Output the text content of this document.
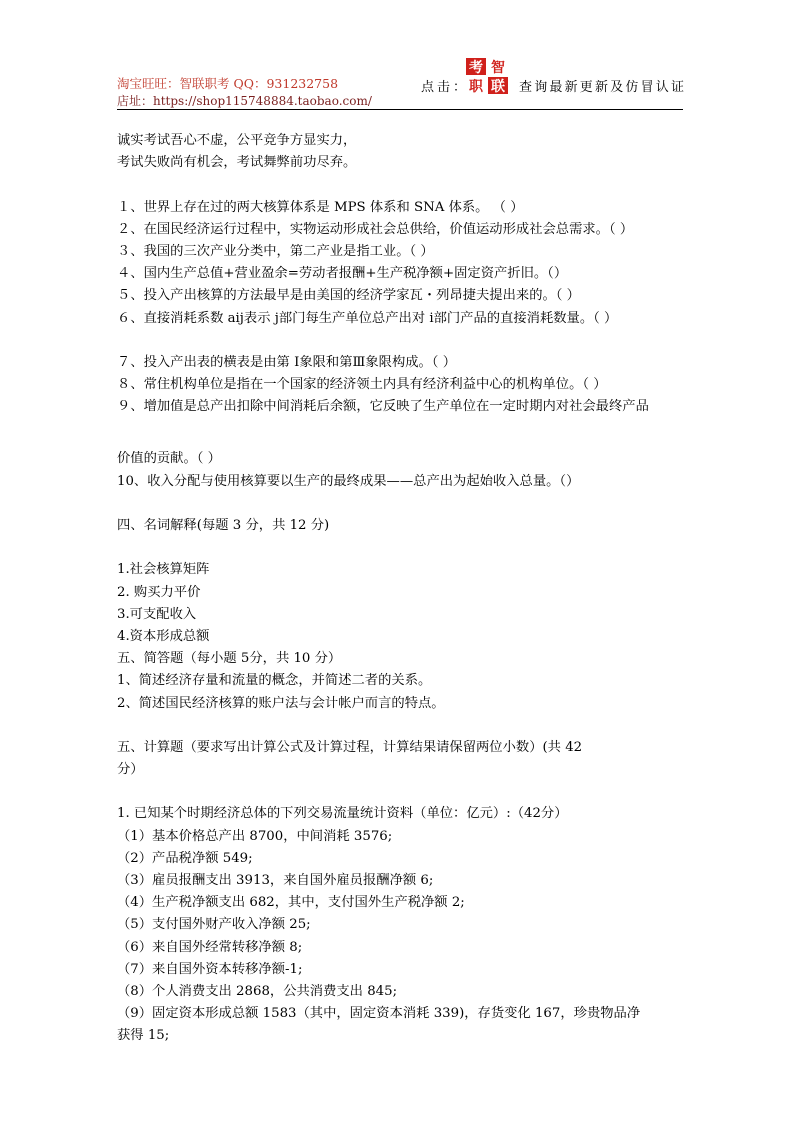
淘宝旺旺：智联职考 QQ：931232758
店址：https://shop115748884.taobao.com/
点击：
考 智
职 联 查询最新更新及仿冒认证
诚实考试吾心不虚，公平竞争方显实力，
考试失败尚有机会，考试舞弊前功尽弃。
１、世界上存在过的两大核算体系是 MPS 体系和 SNA 体系。 （ ）
２、在国民经济运行过程中，实物运动形成社会总供给，价值运动形成社会总需求。（ ）
３、我国的三次产业分类中，第二产业是指工业。（ ）
４、国内生产总值+营业盈余=劳动者报酬+生产税净额+固定资产折旧。（）
５、投入产出核算的方法最早是由美国的经济学家瓦・列昂捷夫提出来的。（ ）
６、直接消耗系数 aij表示 j部门每生产单位总产出对 i部门产品的直接消耗数量。（ ）
７、投入产出表的横表是由第 Ⅰ象限和第Ⅲ象限构成。（ ）
８、常住机构单位是指在一个国家的经济领土内具有经济利益中心的机构单位。（ ）
９、增加值是总产出扣除中间消耗后余额，它反映了生产单位在一定时期内对社会最终产品
价值的贡献。（ ）
10、收入分配与使用核算要以生产的最终成果——总产出为起始收入总量。（）
四、名词解释(每题 3 分，共 12 分)
1.社会核算矩阵
2. 购买力平价
3.可支配收入
4.资本形成总额
五、简答题（每小题 5分，共 10 分）
1、简述经济存量和流量的概念，并简述二者的关系。
2、简述国民经济核算的账户法与会计帐户而言的特点。
五、计算题（要求写出计算公式及计算过程，计算结果请保留两位小数）(共 42
分）
1. 已知某个时期经济总体的下列交易流量统计资料（单位：亿元）:（42分）
（1）基本价格总产出 8700，中间消耗 3576;
（2）产品税净额 549;
（3）雇员报酬支出 3913，来自国外雇员报酬净额 6;
（4）生产税净额支出 682，其中，支付国外生产税净额 2;
（5）支付国外财产收入净额 25;
（6）来自国外经常转移净额 8;
（7）来自国外资本转移净额-1;
（8）个人消费支出 2868，公共消费支出 845;
（9）固定资本形成总额 1583（其中，固定资本消耗 339)，存货变化 167，珍贵物品净
获得 15;
